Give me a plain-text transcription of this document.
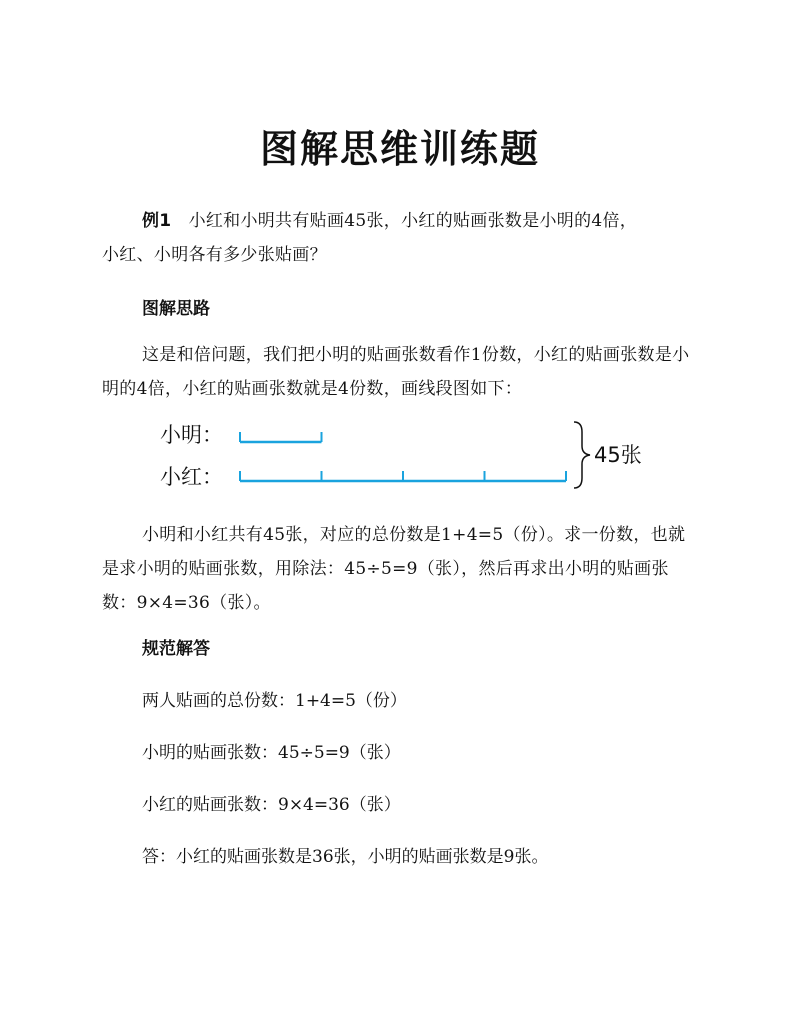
图解思维训练题
例1 小红和小明共有贴画45张，小红的贴画张数是小明的4倍，
小红、小明各有多少张贴画？
图解思路
这是和倍问题，我们把小明的贴画张数看作1份数，小红的贴画张数是小明的4倍，小红的贴画张数就是4份数，画线段图如下：
小明：
小红：
45张
小明和小红共有45张，对应的总份数是1+4=5（份）。求一份数，也就是求小明的贴画张数，用除法：45÷5=9（张），然后再求出小明的贴画张数：9×4=36（张）。
规范解答
两人贴画的总份数：1+4=5（份）
小明的贴画张数：45÷5=9（张）
小红的贴画张数：9×4=36（张）
答：小红的贴画张数是36张，小明的贴画张数是9张。
